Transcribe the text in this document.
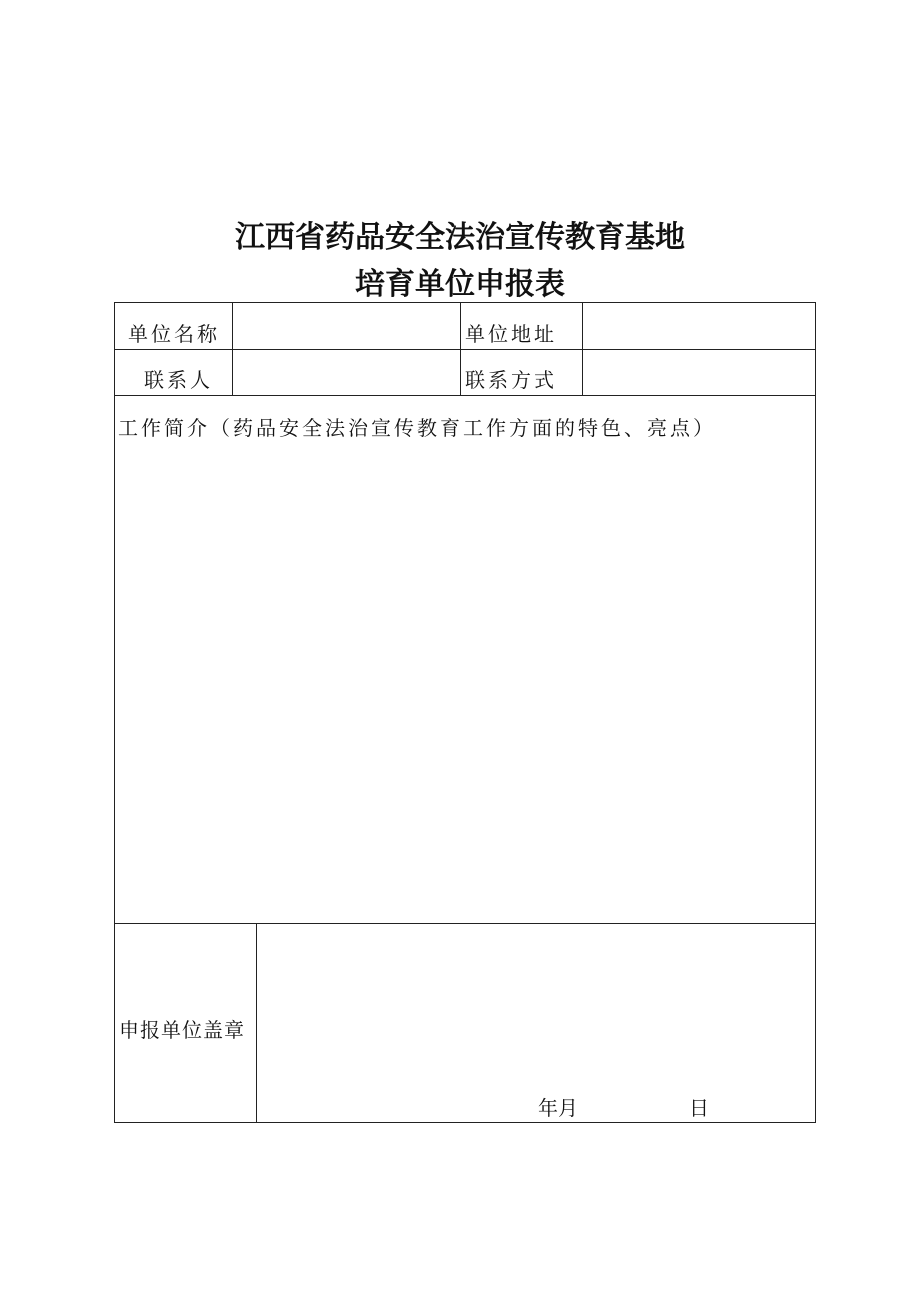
江西省药品安全法治宣传教育基地
培育单位申报表
单位名称	单位地址
联系人	联系方式
工作简介（药品安全法治宣传教育工作方面的特色、亮点）
申报单位盖章
年月	日
